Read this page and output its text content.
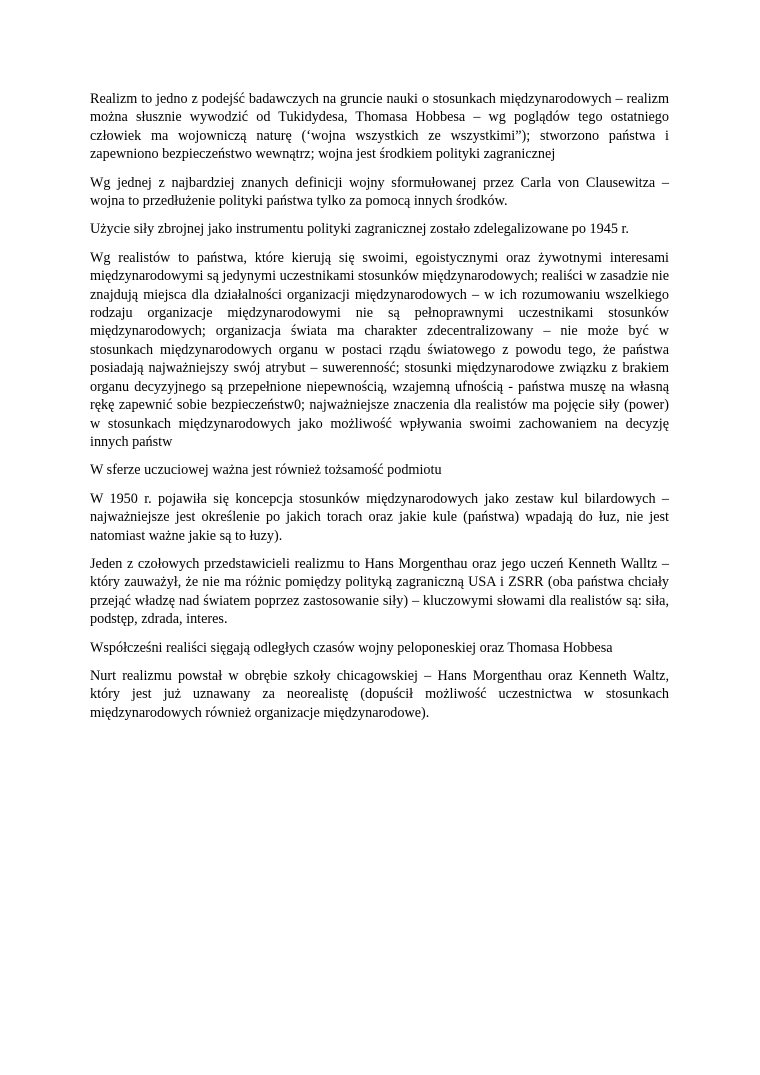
Realizm to jedno z podejść badawczych na gruncie nauki o stosunkach międzynarodowych – realizm można słusznie wywodzić od Tukidydesa, Thomasa Hobbesa – wg poglądów tego ostatniego człowiek ma wojowniczą naturę (‘wojna wszystkich ze wszystkimi”); stworzono państwa i zapewniono bezpieczeństwo wewnątrz; wojna jest środkiem polityki zagranicznej

Wg jednej z najbardziej znanych definicji wojny sformułowanej przez Carla von Clausewitza – wojna to przedłużenie polityki państwa tylko za pomocą innych środków.

Użycie siły zbrojnej jako instrumentu polityki zagranicznej zostało zdelegalizowane po 1945 r.

Wg realistów to państwa, które kierują się swoimi, egoistycznymi oraz żywotnymi interesami międzynarodowymi są jedynymi uczestnikami stosunków międzynarodowych; realiści w zasadzie nie znajdują miejsca dla działalności organizacji międzynarodowych – w ich rozumowaniu wszelkiego rodzaju organizacje międzynarodowymi nie są pełnoprawnymi uczestnikami stosunków międzynarodowych; organizacja świata ma charakter zdecentralizowany – nie może być w stosunkach międzynarodowych organu w postaci rządu światowego z powodu tego, że państwa posiadają najważniejszy swój atrybut – suwerenność; stosunki międzynarodowe związku z brakiem organu decyzyjnego są przepełnione niepewnością, wzajemną ufnością - państwa muszę na własną rękę zapewnić sobie bezpieczeństw0; najważniejsze znaczenia dla realistów ma pojęcie siły (power) w stosunkach międzynarodowych jako możliwość wpływania swoimi zachowaniem na decyzję innych państw

W sferze uczuciowej ważna jest również tożsamość podmiotu

W 1950 r. pojawiła się koncepcja stosunków międzynarodowych jako zestaw kul bilardowych – najważniejsze jest określenie po jakich torach oraz jakie kule (państwa) wpadają do łuz, nie jest natomiast ważne jakie są to łuzy).

Jeden z czołowych przedstawicieli realizmu to Hans Morgenthau oraz jego uczeń Kenneth Walltz – który zauważył, że nie ma różnic pomiędzy polityką zagraniczną USA i ZSRR (oba państwa chciały przejąć władzę nad światem poprzez zastosowanie siły) – kluczowymi słowami dla realistów są: siła, podstęp, zdrada, interes.

Współcześni realiści sięgają odległych czasów wojny peloponeskiej oraz Thomasa Hobbesa

Nurt realizmu powstał w obrębie szkoły chicagowskiej – Hans Morgenthau oraz Kenneth Waltz, który jest już uznawany za neorealistę (dopuścił możliwość uczestnictwa w stosunkach międzynarodowych również organizacje międzynarodowe).
